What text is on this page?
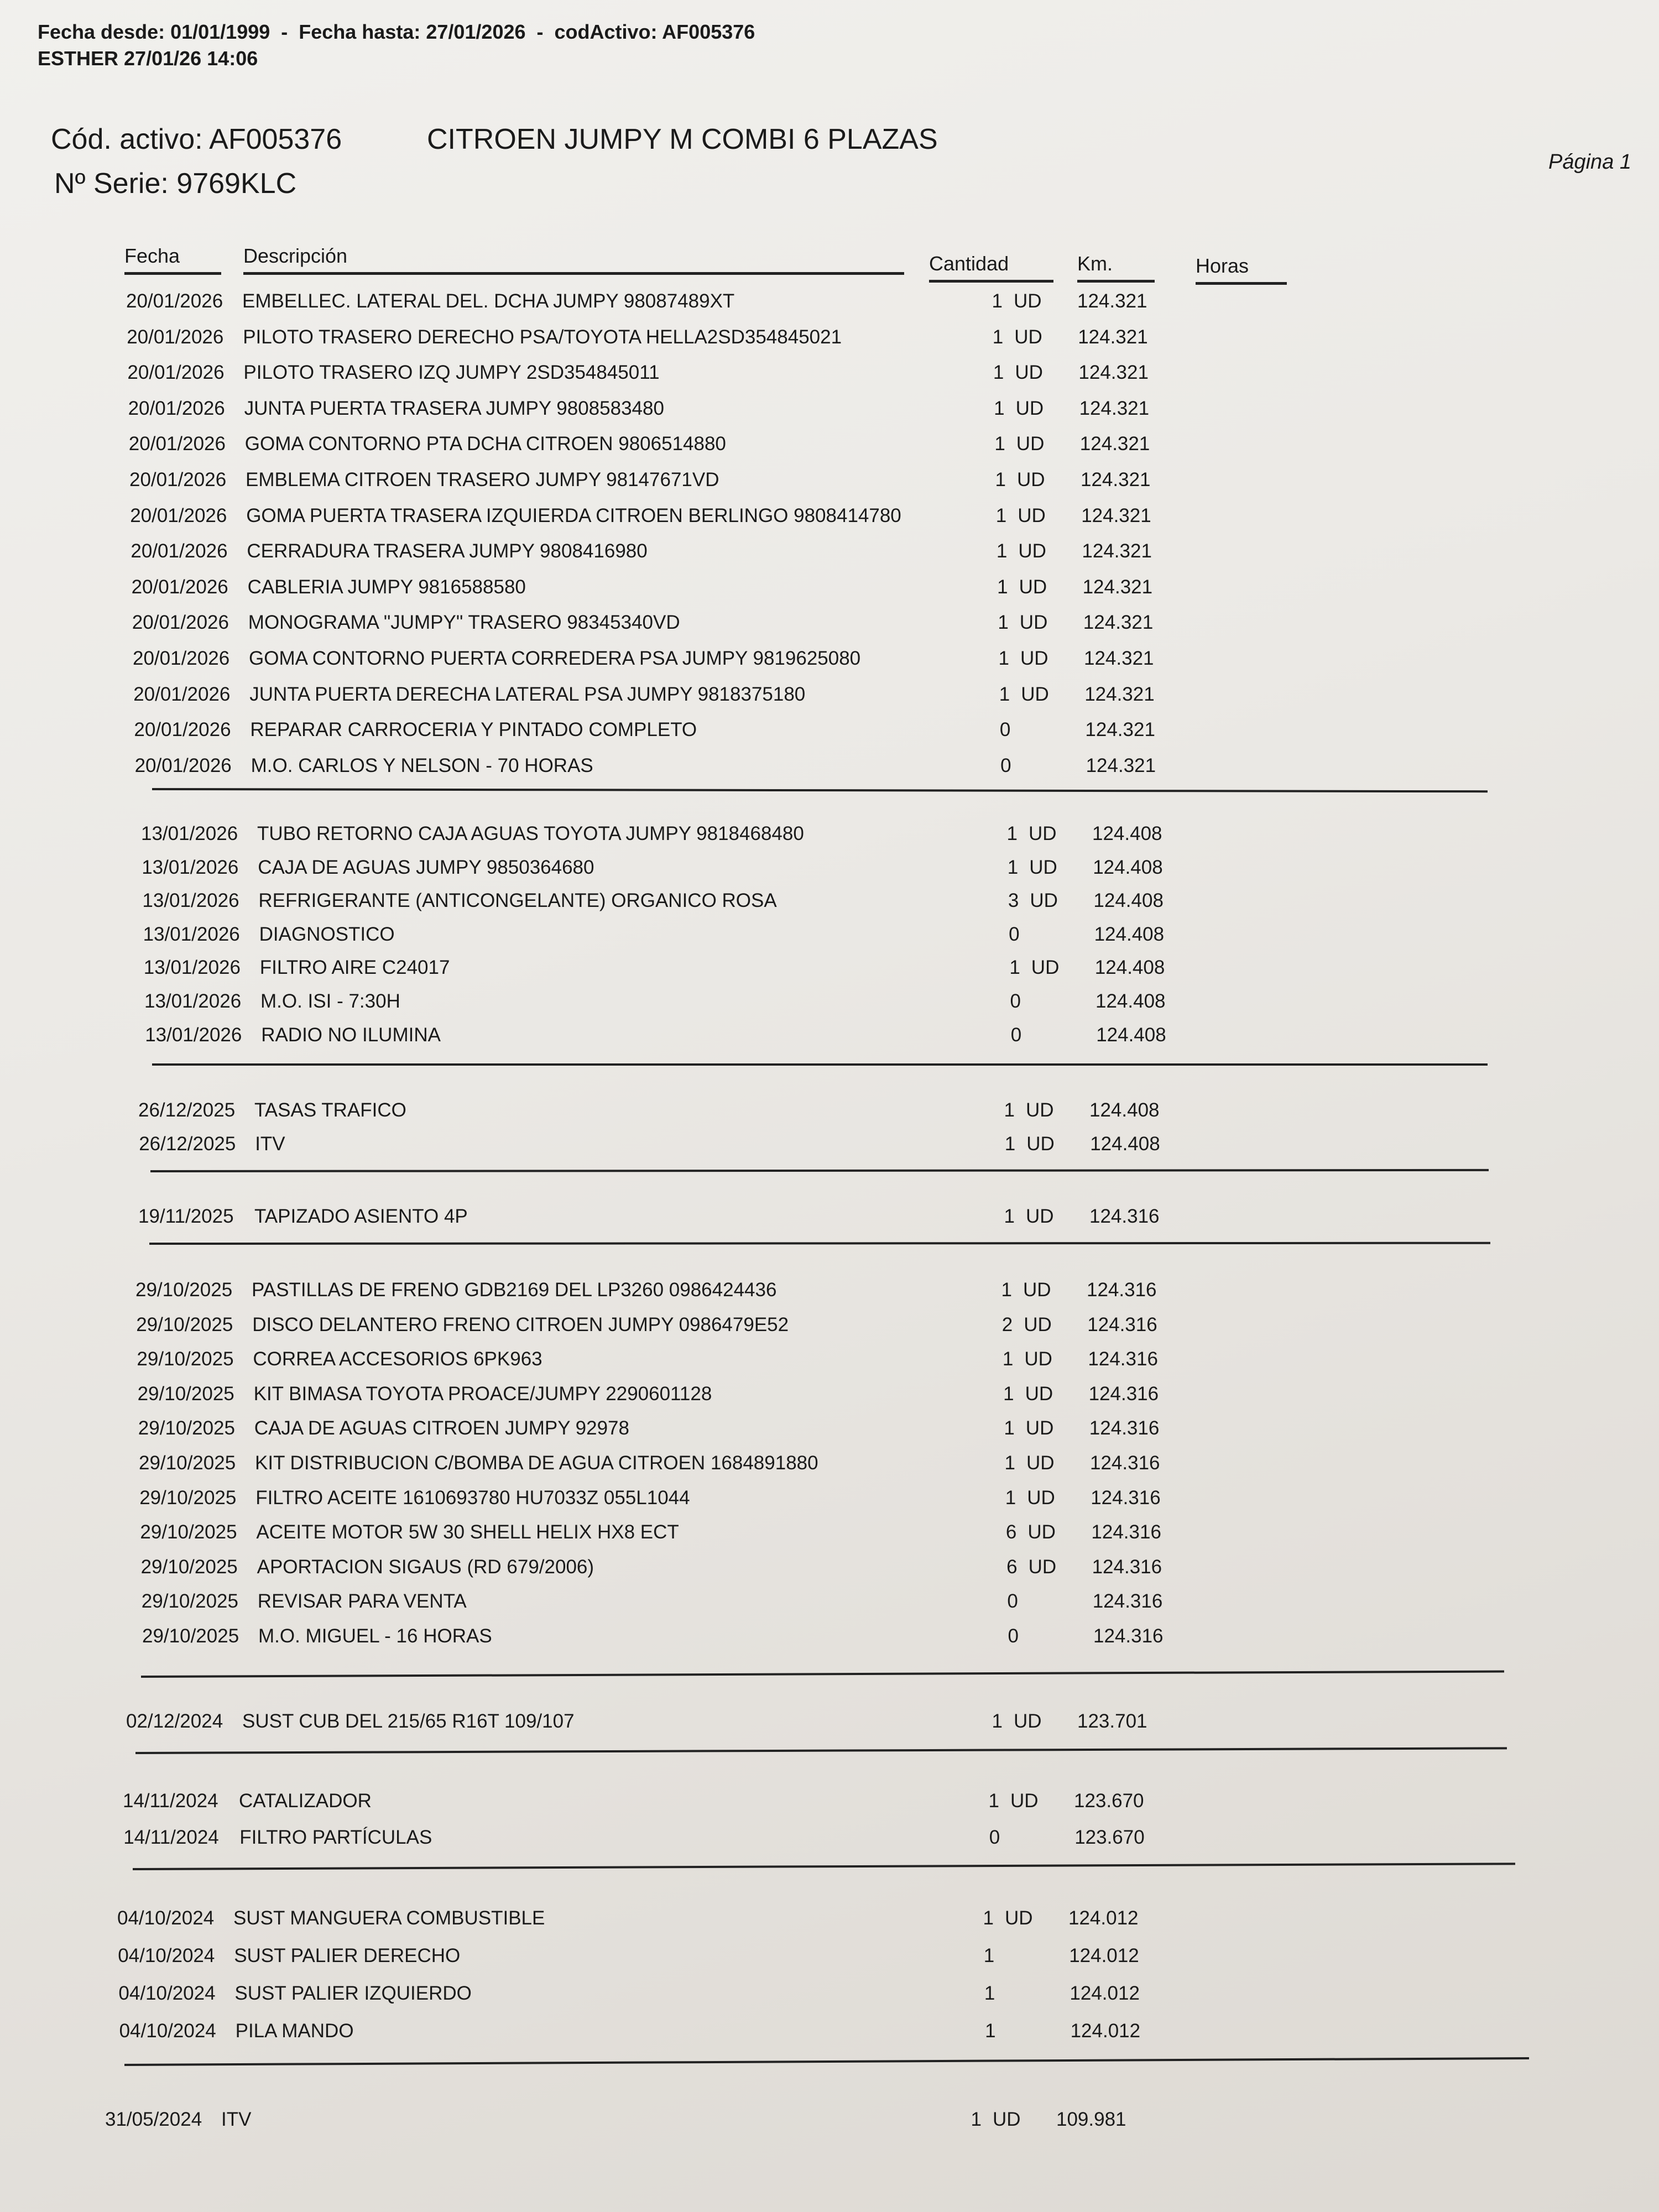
Fecha desde: 01/01/1999  -  Fecha hasta: 27/01/2026  -  codActivo: AF005376
ESTHER 27/01/26 14:06
Cód. activo: AF005376	CITROEN JUMPY M COMBI 6 PLAZAS
Nº Serie: 9769KLC
Página 1
Fecha	Descripción	Cantidad	Km.	Horas
20/01/2026 EMBELLEC. LATERAL DEL. DCHA JUMPY 98087489XT	1 UD 124.321
20/01/2026 PILOTO TRASERO DERECHO PSA/TOYOTA HELLA2SD354845021	1 UD 124.321
20/01/2026 PILOTO TRASERO IZQ JUMPY 2SD354845011	1 UD 124.321
20/01/2026 JUNTA PUERTA TRASERA JUMPY 9808583480	1 UD 124.321
20/01/2026 GOMA CONTORNO PTA DCHA CITROEN 9806514880	1 UD 124.321
20/01/2026 EMBLEMA CITROEN TRASERO JUMPY 98147671VD	1 UD 124.321
20/01/2026 GOMA PUERTA TRASERA IZQUIERDA CITROEN BERLINGO 9808414780	1 UD 124.321
20/01/2026 CERRADURA TRASERA JUMPY 9808416980	1 UD 124.321
20/01/2026 CABLERIA JUMPY 9816588580	1 UD 124.321
20/01/2026 MONOGRAMA "JUMPY" TRASERO 98345340VD	1 UD 124.321
20/01/2026 GOMA CONTORNO PUERTA CORREDERA PSA JUMPY 9819625080	1 UD 124.321
20/01/2026 JUNTA PUERTA DERECHA LATERAL PSA JUMPY 9818375180	1 UD 124.321
20/01/2026 REPARAR CARROCERIA Y PINTADO COMPLETO	0	124.321
20/01/2026 M.O. CARLOS Y NELSON - 70 HORAS	0	124.321
13/01/2026 TUBO RETORNO CAJA AGUAS TOYOTA JUMPY 9818468480	1 UD 124.408
13/01/2026 CAJA DE AGUAS JUMPY 9850364680	1 UD 124.408
13/01/2026 REFRIGERANTE (ANTICONGELANTE) ORGANICO ROSA	3 UD 124.408
13/01/2026 DIAGNOSTICO	0	124.408
13/01/2026 FILTRO AIRE C24017	1 UD 124.408
13/01/2026 M.O. ISI - 7:30H	0	124.408
13/01/2026 RADIO NO ILUMINA	0	124.408
26/12/2025 TASAS TRAFICO	1 UD 124.408
26/12/2025 ITV	1 UD 124.408
19/11/2025 TAPIZADO ASIENTO 4P	1 UD 124.316
29/10/2025 PASTILLAS DE FRENO GDB2169 DEL LP3260 0986424436	1 UD 124.316
29/10/2025 DISCO DELANTERO FRENO CITROEN JUMPY 0986479E52	2 UD 124.316
29/10/2025 CORREA ACCESORIOS 6PK963	1 UD 124.316
29/10/2025 KIT BIMASA TOYOTA PROACE/JUMPY 2290601128	1 UD 124.316
29/10/2025 CAJA DE AGUAS CITROEN JUMPY 92978	1 UD 124.316
29/10/2025 KIT DISTRIBUCION C/BOMBA DE AGUA CITROEN 1684891880	1 UD 124.316
29/10/2025 FILTRO ACEITE 1610693780 HU7033Z 055L1044	1 UD 124.316
29/10/2025 ACEITE MOTOR 5W 30 SHELL HELIX HX8 ECT	6 UD 124.316
29/10/2025 APORTACION SIGAUS (RD 679/2006)	6 UD 124.316
29/10/2025 REVISAR PARA VENTA	0	124.316
29/10/2025 M.O. MIGUEL - 16 HORAS	0	124.316
02/12/2024 SUST CUB DEL 215/65 R16T 109/107	1 UD 123.701
14/11/2024 CATALIZADOR	1 UD 123.670
14/11/2024 FILTRO PARTÍCULAS	0	123.670
04/10/2024 SUST MANGUERA COMBUSTIBLE	1 UD 124.012
04/10/2024 SUST PALIER DERECHO	1	124.012
04/10/2024 SUST PALIER IZQUIERDO	1	124.012
04/10/2024 PILA MANDO	1	124.012
31/05/2024 ITV	1 UD 109.981
